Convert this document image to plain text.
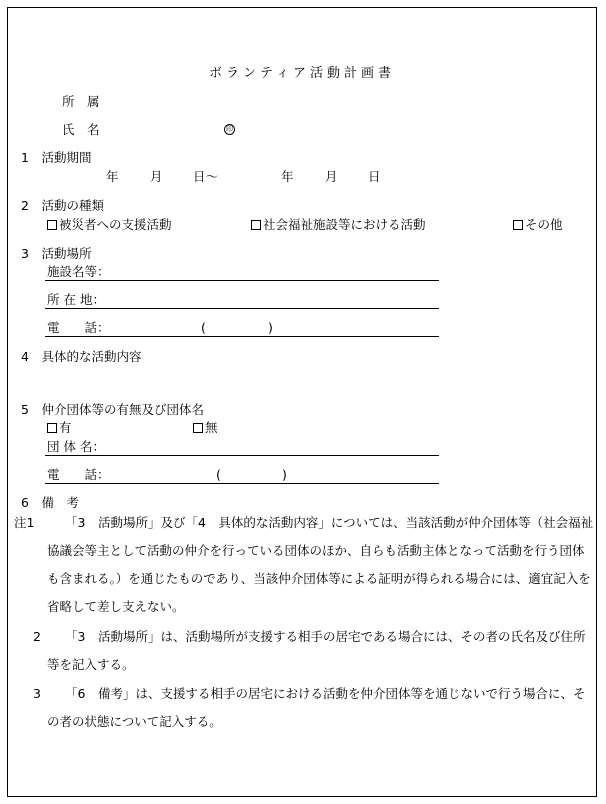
ボランティア活動計画書
所　属
氏　名	印
1　活動期間
年	月 日〜	年	月 日
2　活動の種類
被災者への支援活動	社会福祉施設等における活動	その他
3　活動場所
施設名等：
所 在 地：
電　　話：	(	)
4　具体的な活動内容
5　仲介団体等の有無及び団体名
有	無
団 体 名：
電　　話：	(	)
6　備　考
注1	「3　活動場所」及び「4　具体的な活動内容」については、当該活動が仲介団体等（社会福祉協議会等主として活動の仲介を行っている団体のほか、自らも活動主体となって活動を行う団体も含まれる。）を通じたものであり、当該仲介団体等による証明が得られる場合には、適宜記入を省略して差し支えない。
2	「3　活動場所」は、活動場所が支援する相手の居宅である場合には、その者の氏名及び住所等を記入する。
3	「6　備考」は、支援する相手の居宅における活動を仲介団体等を通じないで行う場合に、その者の状態について記入する。
